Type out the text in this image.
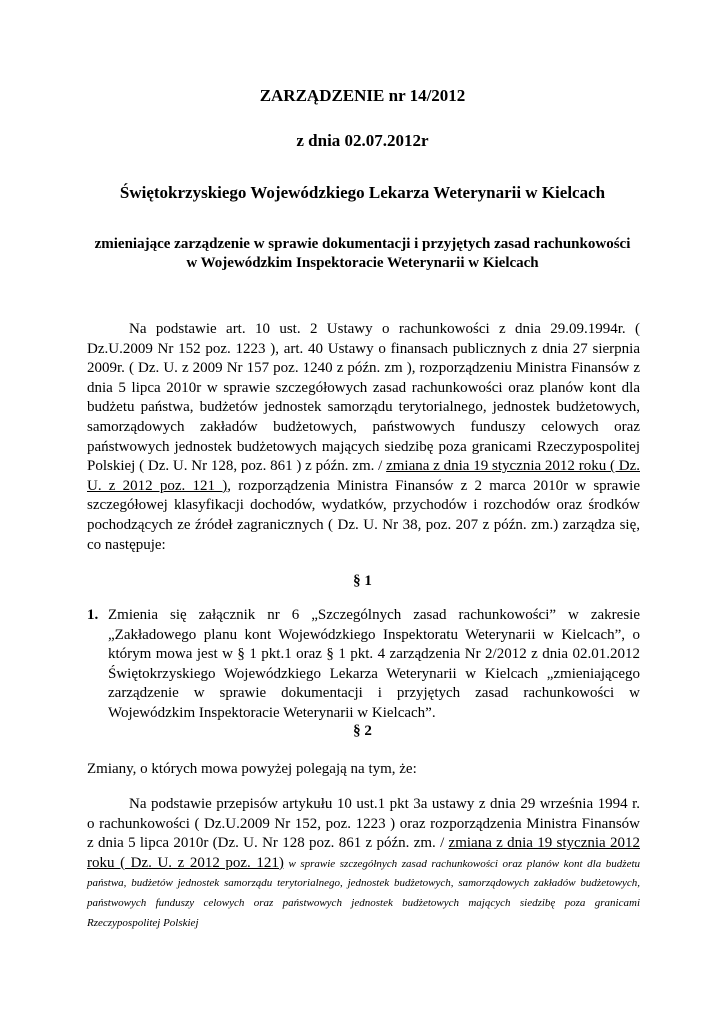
ZARZĄDZENIE nr 14/2012
z dnia 02.07.2012r
Świętokrzyskiego Wojewódzkiego Lekarza Weterynarii w Kielcach
zmieniające zarządzenie w sprawie dokumentacji i przyjętych zasad rachunkowości
w Wojewódzkim Inspektoracie Weterynarii w Kielcach

Na podstawie art. 10 ust. 2 Ustawy o rachunkowości z dnia 29.09.1994r. ( Dz.U.2009 Nr 152 poz. 1223 ), art. 40 Ustawy o finansach publicznych z dnia 27 sierpnia 2009r. ( Dz. U. z 2009 Nr 157 poz. 1240 z późn. zm ), rozporządzeniu Ministra Finansów z dnia 5 lipca 2010r w sprawie szczegółowych zasad rachunkowości oraz planów kont dla budżetu państwa, budżetów jednostek samorządu terytorialnego, jednostek budżetowych, samorządowych zakładów budżetowych, państwowych funduszy celowych oraz państwowych jednostek budżetowych mających siedzibę poza granicami Rzeczypospolitej Polskiej ( Dz. U. Nr 128, poz. 861 ) z późn. zm. / zmiana z dnia 19 stycznia 2012 roku ( Dz. U. z 2012 poz. 121 ), rozporządzenia Ministra Finansów z 2 marca 2010r w sprawie szczegółowej klasyfikacji dochodów, wydatków, przychodów i rozchodów oraz środków pochodzących ze źródeł zagranicznych ( Dz. U. Nr 38, poz. 207 z późn. zm.) zarządza się, co następuje:

§ 1
1. Zmienia się załącznik nr 6 „Szczególnych zasad rachunkowości” w zakresie „Zakładowego planu kont Wojewódzkiego Inspektoratu Weterynarii w Kielcach”, o którym mowa jest w § 1 pkt.1 oraz § 1 pkt. 4 zarządzenia Nr 2/2012 z dnia 02.01.2012 Świętokrzyskiego Wojewódzkiego Lekarza Weterynarii w Kielcach „zmieniającego zarządzenie w sprawie dokumentacji i przyjętych zasad rachunkowości w Wojewódzkim Inspektoracie Weterynarii w Kielcach”.
§ 2

Zmiany, o których mowa powyżej polegają na tym, że:

Na podstawie przepisów artykułu 10 ust.1 pkt 3a ustawy z dnia 29 września 1994 r. o rachunkowości ( Dz.U.2009 Nr 152, poz. 1223 ) oraz rozporządzenia Ministra Finansów z dnia 5 lipca 2010r (Dz. U. Nr 128 poz. 861 z późn. zm. / zmiana z dnia 19 stycznia 2012 roku ( Dz. U. z 2012 poz. 121) w sprawie szczegółnych zasad rachunkowości oraz planów kont dla budżetu państwa, budżetów jednostek samorządu terytorialnego, jednostek budżetowych, samorządowych zakładów budżetowych, państwowych funduszy celowych oraz państwowych jednostek budżetowych mających siedzibę poza granicami Rzeczypospolitej Polskiej
